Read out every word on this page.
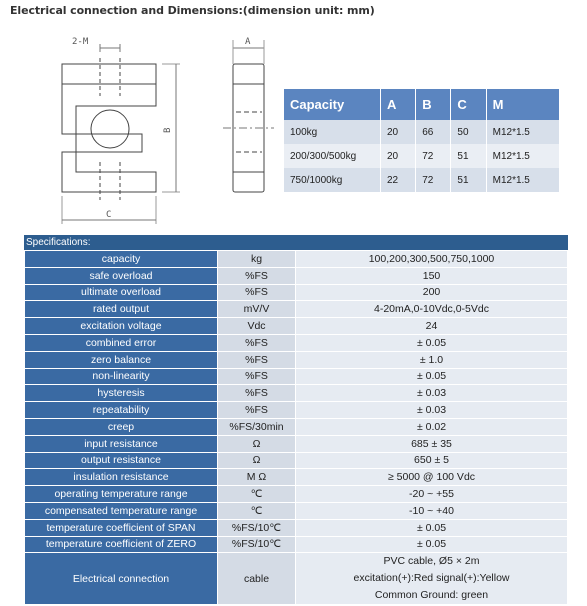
Electrical connection and Dimensions:(dimension unit: mm)
2-M	A
B
C
Capacity	A	B	C	M
100kg	20	66	50	M12*1.5
200/300/500kg	20	72	51	M12*1.5
750/1000kg	22	72	51	M12*1.5
Specifications:
capacity	kg	100,200,300,500,750,1000
safe overload	%FS	150
ultimate overload	%FS	200
rated output	mV/V	4-20mA,0-10Vdc,0-5Vdc
excitation voltage	Vdc	24
combined error	%FS	± 0.05
zero balance	%FS	± 1.0
non-linearity	%FS	± 0.05
hysteresis	%FS	± 0.03
repeatability	%FS	± 0.03
creep	%FS/30min	± 0.02
input resistance	Ω	685 ± 35
output resistance	Ω	650 ± 5
insulation resistance	M Ω	≥ 5000 @ 100 Vdc
operating temperature range	℃	-20 ~ +55
compensated temperature range	℃	-10 ~ +40
temperature coefficient of SPAN	%FS/10℃	± 0.05
temperature coefficient of ZERO	%FS/10℃	± 0.05
Electrical connection	cable	PVC cable, Ø5 × 2m
excitation(+):Red signal(+):Yellow
Common Ground: green
